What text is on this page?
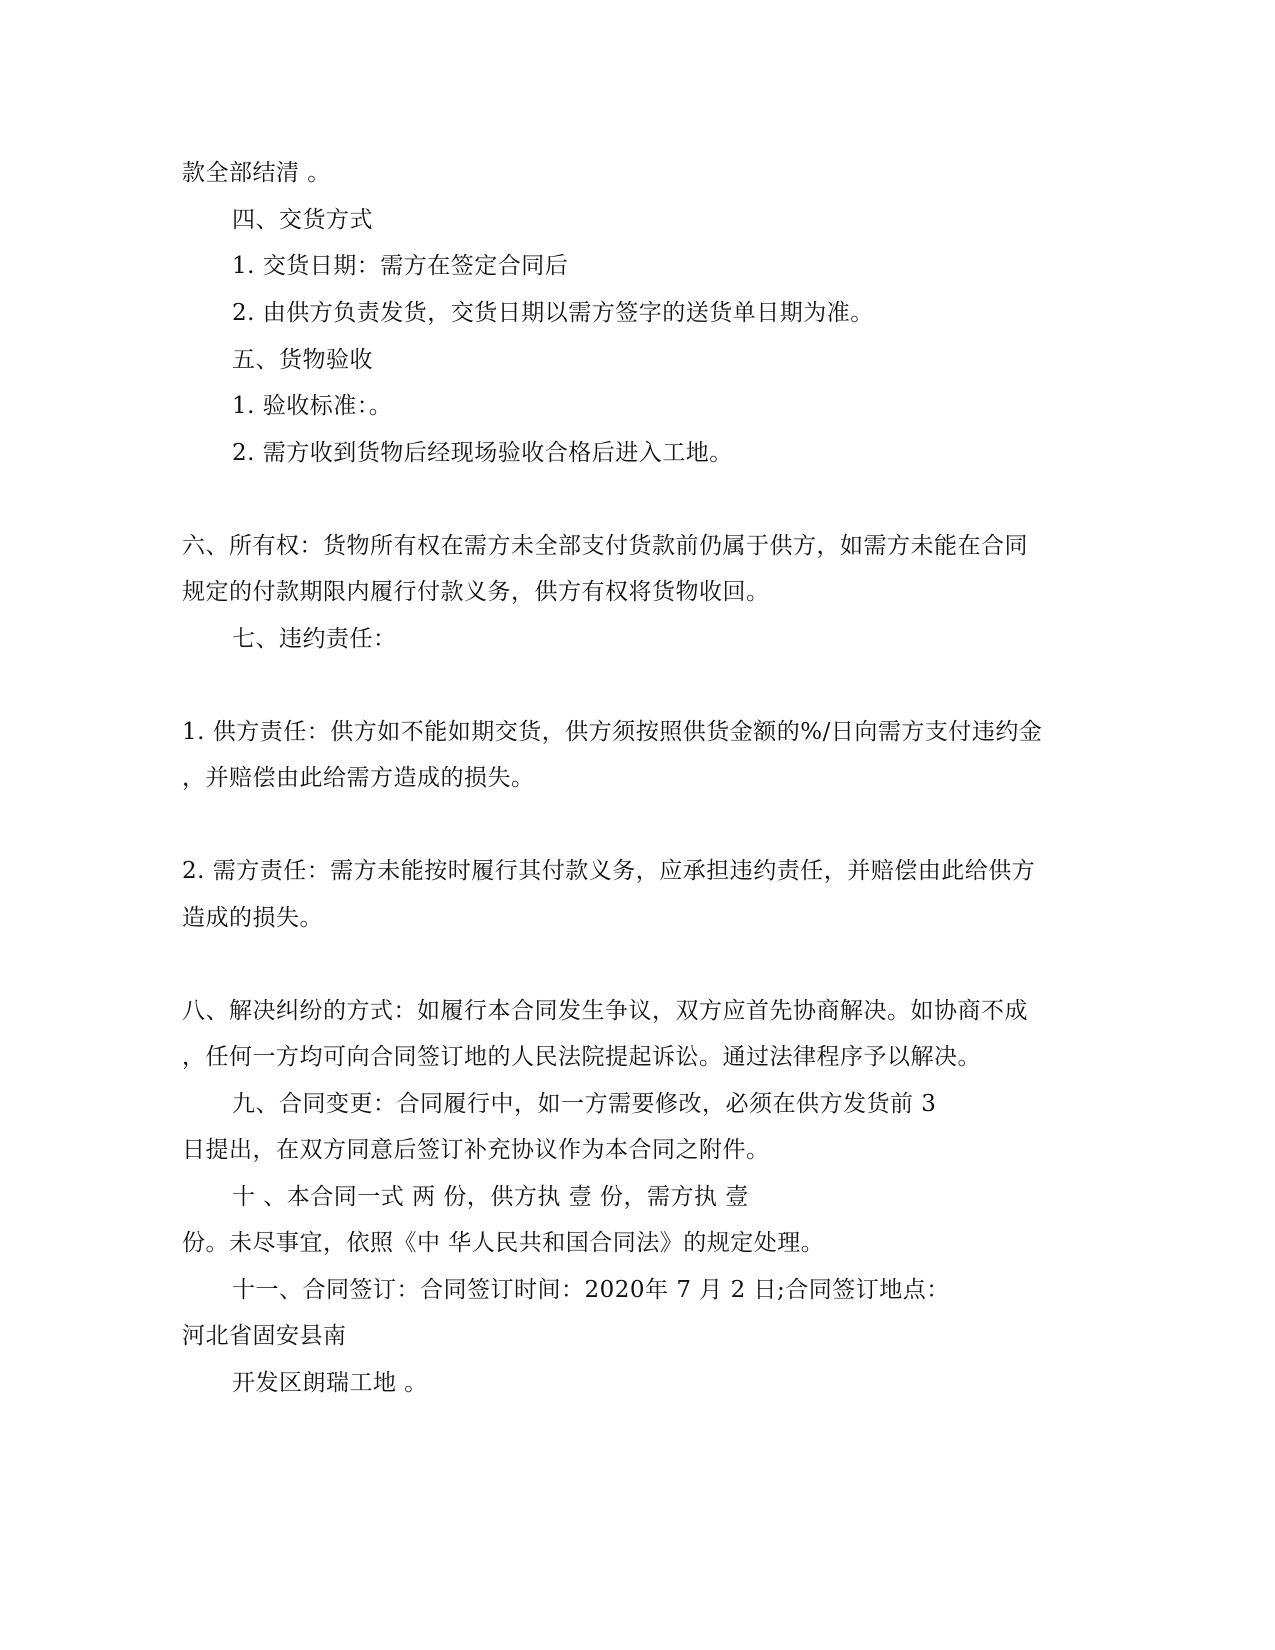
款全部结清 。
四、交货方式
1. 交货日期：需方在签定合同后
2. 由供方负责发货，交货日期以需方签字的送货单日期为准。
五、货物验收
1. 验收标准：。
2. 需方收到货物后经现场验收合格后进入工地。
六、所有权：货物所有权在需方未全部支付货款前仍属于供方，如需方未能在合同
规定的付款期限内履行付款义务，供方有权将货物收回。
七、违约责任：
1. 供方责任：供方如不能如期交货，供方须按照供货金额的%/日向需方支付违约金
，并赔偿由此给需方造成的损失。
2. 需方责任：需方未能按时履行其付款义务，应承担违约责任，并赔偿由此给供方
造成的损失。
八、解决纠纷的方式：如履行本合同发生争议，双方应首先协商解决。如协商不成
，任何一方均可向合同签订地的人民法院提起诉讼。通过法律程序予以解决。
九、合同变更：合同履行中，如一方需要修改，必须在供方发货前 3
日提出，在双方同意后签订补充协议作为本合同之附件。
十 、本合同一式 两 份，供方执 壹 份，需方执 壹
份。未尽事宜，依照《中 华人民共和国合同法》的规定处理。
十一、合同签订：合同签订时间：2020年 7 月 2 日;合同签订地点：
河北省固安县南
开发区朗瑞工地 。
